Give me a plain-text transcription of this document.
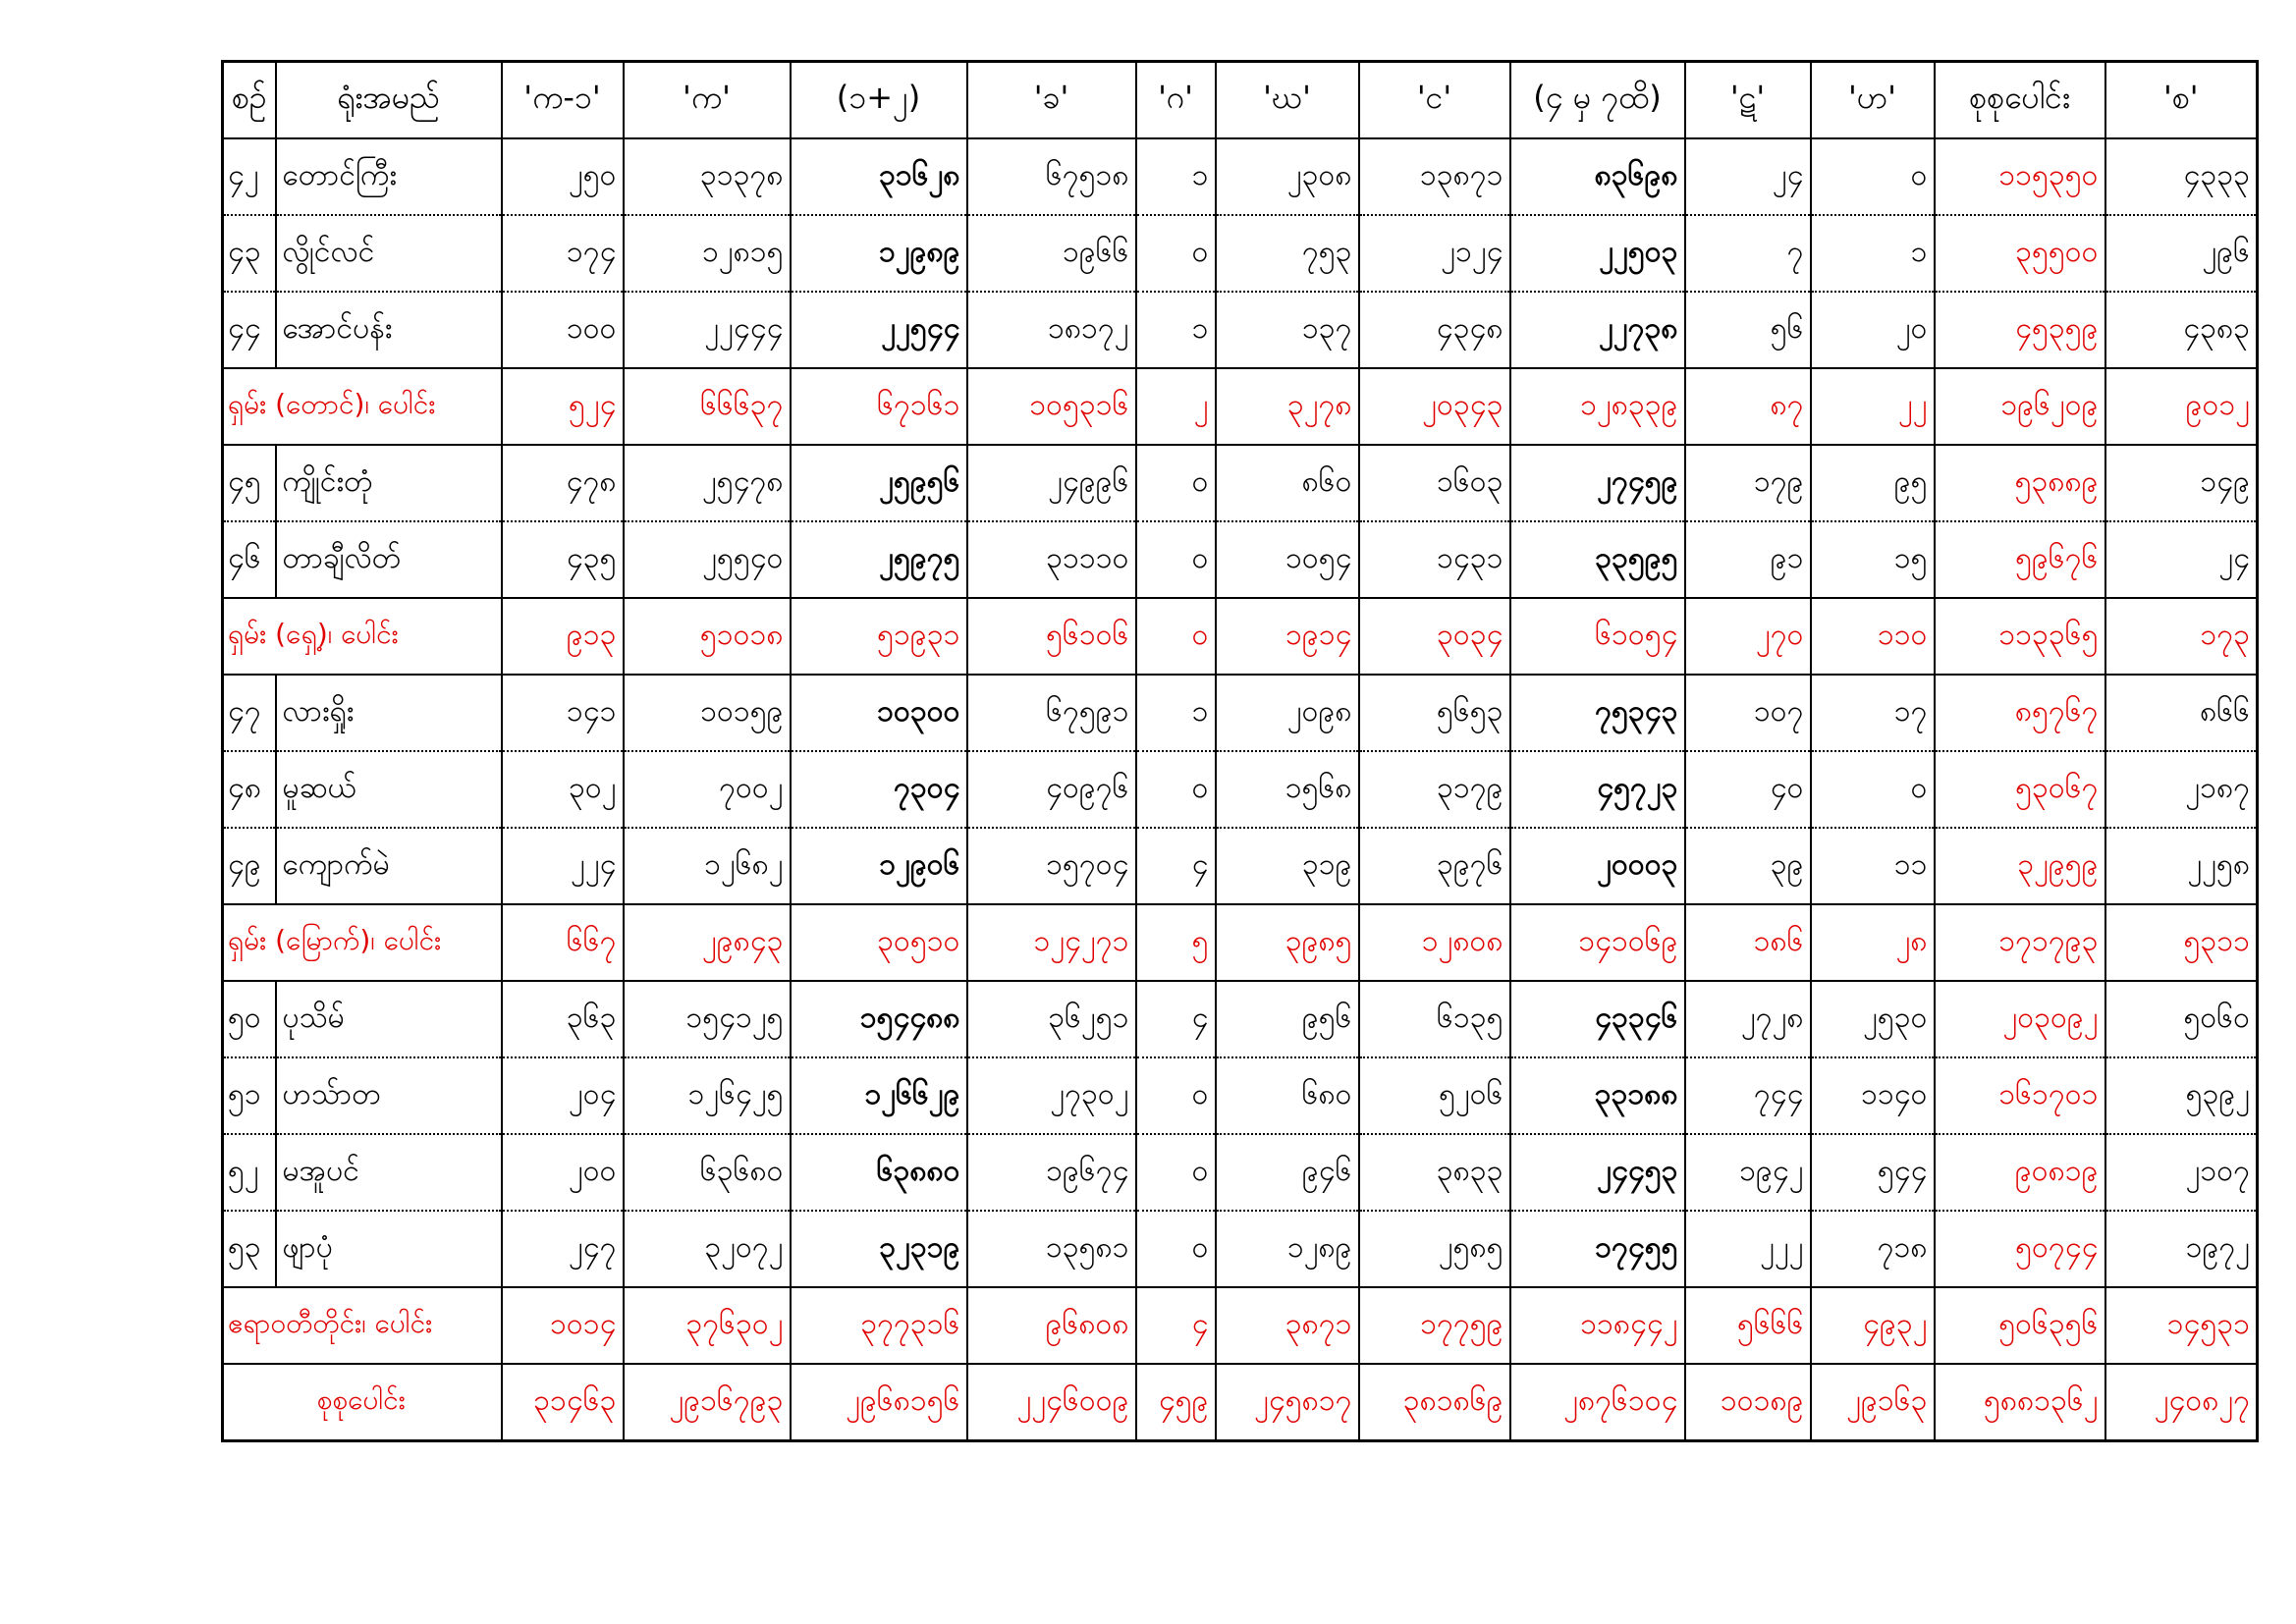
စဉ်	ရုံးအမည်	'က-၁'	'က'	(၁+၂)	'ခ'	'ဂ'	'ဃ'	'င'	(၄ မှ ၇ထိ)	'ဋ'	'ဟ'	စုစုပေါင်း	'စ'
၄၂	တောင်ကြီး	၂၅၀	၃၁၃၇၈	၃၁၆၂၈	၆၇၅၁၈	၁	၂၃၀၈	၁၃၈၇၁	၈၃၆၉၈	၂၄	၀	၁၁၅၃၅၀	၄၃၃၃
၄၃	လွိုင်လင်	၁၇၄	၁၂၈၁၅	၁၂၉၈၉	၁၉၆၆	၀	၇၅၃	၂၁၂၄	၂၂၅၀၃	၇	၁	၃၅၅၀၀	၂၉၆
၄၄	အောင်ပန်း	၁၀၀	၂၂၄၄၄	၂၂၅၄၄	၁၈၁၇၂	၁	၁၃၇	၄၃၄၈	၂၂၇၃၈	၅၆	၂၀	၄၅၃၅၉	၄၃၈၃
ရှမ်း (တောင်)၊ ပေါင်း		၅၂၄	၆၆၆၃၇	၆၇၁၆၁	၁၀၅၃၁၆	၂	၃၂၇၈	၂၀၃၄၃	၁၂၈၃၃၉	၈၇	၂၂	၁၉၆၂၀၉	၉၀၁၂
၄၅	ကျိုင်းတုံ	၄၇၈	၂၅၄၇၈	၂၅၉၅၆	၂၄၉၉၆	၀	၈၆၀	၁၆၀၃	၂၇၄၅၉	၁၇၉	၉၅	၅၃၈၈၉	၁၄၉
၄၆	တာချီလိတ်	၄၃၅	၂၅၅၄၀	၂၅၉၇၅	၃၁၁၁၀	၀	၁၀၅၄	၁၄၃၁	၃၃၅၉၅	၉၁	၁၅	၅၉၆၇၆	၂၄
ရှမ်း (ရှေ့)၊ ပေါင်း		၉၁၃	၅၁၀၁၈	၅၁၉၃၁	၅၆၁၀၆	၀	၁၉၁၄	၃၀၃၄	၆၁၀၅၄	၂၇၀	၁၁၀	၁၁၃၃၆၅	၁၇၃
၄၇	လားရှိုး	၁၄၁	၁၀၁၅၉	၁၀၃၀၀	၆၇၅၉၁	၁	၂၀၉၈	၅၆၅၃	၇၅၃၄၃	၁၀၇	၁၇	၈၅၇၆၇	၈၆၆
၄၈	မူဆယ်	၃၀၂	၇၀၀၂	၇၃၀၄	၄၀၉၇၆	၀	၁၅၆၈	၃၁၇၉	၄၅၇၂၃	၄၀	၀	၅၃၀၆၇	၂၁၈၇
၄၉	ကျောက်မဲ	၂၂၄	၁၂၆၈၂	၁၂၉၀၆	၁၅၇၀၄	၄	၃၁၉	၃၉၇၆	၂၀၀၀၃	၃၉	၁၁	၃၂၉၅၉	၂၂၅၈
ရှမ်း (မြောက်)၊ ပေါင်း		၆၆၇	၂၉၈၄၃	၃၀၅၁၀	၁၂၄၂၇၁	၅	၃၉၈၅	၁၂၈၀၈	၁၄၁၀၆၉	၁၈၆	၂၈	၁၇၁၇၉၃	၅၃၁၁
၅၀	ပုသိမ်	၃၆၃	၁၅၄၁၂၅	၁၅၄၄၈၈	၃၆၂၅၁	၄	၉၅၆	၆၁၃၅	၄၃၃၄၆	၂၇၂၈	၂၅၃၀	၂၀၃၀၉၂	၅၀၆၀
၅၁	ဟသ်ာတ	၂၀၄	၁၂၆၄၂၅	၁၂၆၆၂၉	၂၇၃၀၂	၀	၆၈၀	၅၂၀၆	၃၃၁၈၈	၇၄၄	၁၁၄၀	၁၆၁၇၀၁	၅၃၉၂
၅၂	မအူပင်	၂၀၀	၆၃၆၈၀	၆၃၈၈၀	၁၉၆၇၄	၀	၉၄၆	၃၈၃၃	၂၄၄၅၃	၁၉၄၂	၅၄၄	၉၀၈၁၉	၂၁၀၇
၅၃	ဖျာပုံ	၂၄၇	၃၂၀၇၂	၃၂၃၁၉	၁၃၅၈၁	၀	၁၂၈၉	၂၅၈၅	၁၇၄၅၅	၂၂၂	၇၁၈	၅၀၇၄၄	၁၉၇၂
ဧရာဝတီတိုင်း၊ ပေါင်း		၁၀၁၄	၃၇၆၃၀၂	၃၇၇၃၁၆	၉၆၈၀၈	၄	၃၈၇၁	၁၇၇၅၉	၁၁၈၄၄၂	၅၆၆၆	၄၉၃၂	၅၀၆၃၅၆	၁၄၅၃၁
စုစုပေါင်း		၃၁၄၆၃	၂၉၁၆၇၉၃	၂၉၆၈၁၅၆	၂၂၄၆၀၀၉	၄၅၉	၂၄၅၈၁၇	၃၈၁၈၆၉	၂၈၇၆၁၀၄	၁၀၁၈၉	၂၉၁၆၃	၅၈၈၁၃၆၂	၂၄၀၈၂၇
